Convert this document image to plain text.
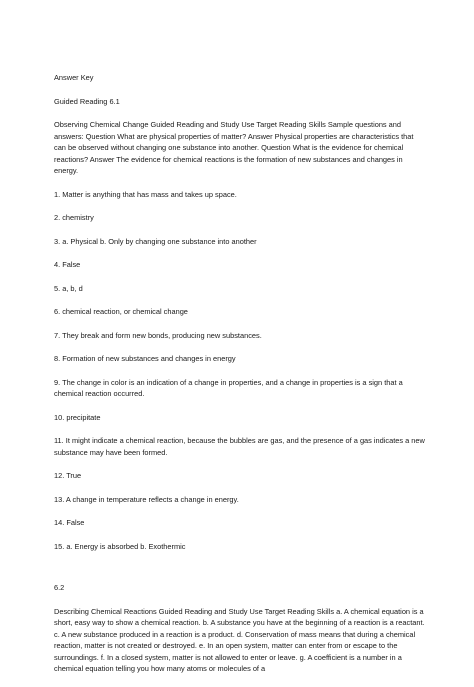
Answer Key

Guided Reading 6.1

Observing Chemical Change Guided Reading and Study Use Target Reading Skills Sample questions and answers: Question What are physical properties of matter? Answer Physical properties are characteristics that can be observed without changing one substance into another. Question What is the evidence for chemical reactions? Answer The evidence for chemical reactions is the formation of new substances and changes in energy.

1. Matter is anything that has mass and takes up space.

2. chemistry

3. a. Physical b. Only by changing one substance into another

4. False

5. a, b, d

6. chemical reaction, or chemical change

7. They break and form new bonds, producing new substances.

8. Formation of new substances and changes in energy

9. The change in color is an indication of a change in properties, and a change in properties is a sign that a chemical reaction occurred.

10. precipitate

11. It might indicate a chemical reaction, because the bubbles are gas, and the presence of a gas indicates a new substance may have been formed.

12. True

13. A change in temperature reflects a change in energy.

14. False

15. a. Energy is absorbed b. Exothermic

6.2

Describing Chemical Reactions Guided Reading and Study Use Target Reading Skills a. A chemical equation is a short, easy way to show a chemical reaction. b. A substance you have at the beginning of a reaction is a reactant. c. A new substance produced in a reaction is a product. d. Conservation of mass means that during a chemical reaction, matter is not created or destroyed. e. In an open system, matter can enter from or escape to the surroundings. f. In a closed system, matter is not allowed to enter or leave. g. A coefficient is a number in a chemical equation telling you how many atoms or molecules of a
